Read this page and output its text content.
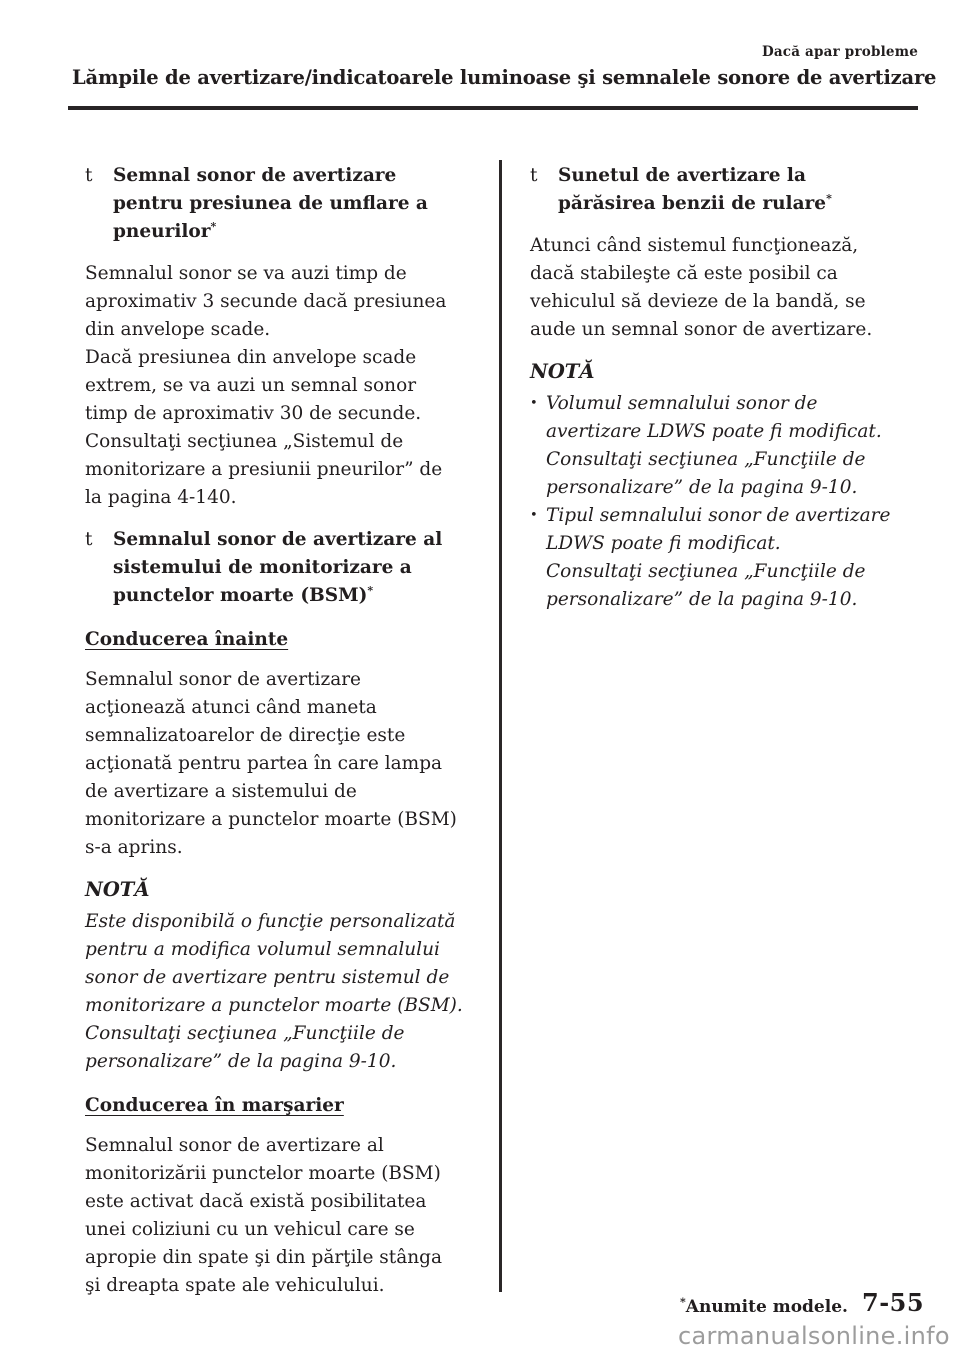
Dacă apar probleme
Lămpile de avertizare/indicatoarele luminoase şi semnalele sonore de avertizare
t	Semnal sonor de avertizare pentru presiunea de umflare a pneurilor*

Semnalul sonor se va auzi timp de aproximativ 3 secunde dacă presiunea din anvelope scade.

Dacă presiunea din anvelope scade extrem, se va auzi un semnal sonor timp de aproximativ 30 de secunde.

Consultaţi secţiunea „Sistemul de monitorizare a presiunii pneurilor” de la pagina 4-140.

t	Semnalul sonor de avertizare al sistemului de monitorizare a punctelor moarte (BSM)*
Conducerea înainte

Semnalul sonor de avertizare acţionează atunci când maneta semnalizatoarelor de direcţie este acţionată pentru partea în care lampa de avertizare a sistemului de monitorizare a punctelor moarte (BSM) s-a aprins.

NOTĂ

Este disponibilă o funcţie personalizată pentru a modifica volumul semnalului sonor de avertizare pentru sistemul de monitorizare a punctelor moarte (BSM).

Consultaţi secţiunea „Funcţiile de personalizare” de la pagina 9-10.

Conducerea în marşarier

Semnalul sonor de avertizare al monitorizării punctelor moarte (BSM) este activat dacă există posibilitatea unei coliziuni cu un vehicul care se apropie din spate şi din părţile stânga şi dreapta spate ale vehiculului.

t	Sunetul de avertizare la părăsirea benzii de rulare*

Atunci când sistemul funcţionează, dacă stabileşte că este posibil ca vehiculul să devieze de la bandă, se aude un semnal sonor de avertizare.

NOTĂ
• Volumul semnalului sonor de avertizare LDWS poate fi modificat.

Consultaţi secţiunea „Funcţiile de personalizare” de la pagina 9-10.

• Tipul semnalului sonor de avertizare LDWS poate fi modificat.

Consultaţi secţiunea „Funcţiile de personalizare” de la pagina 9-10.

*Anumite modele. 7-55
carmanualsonline.info
